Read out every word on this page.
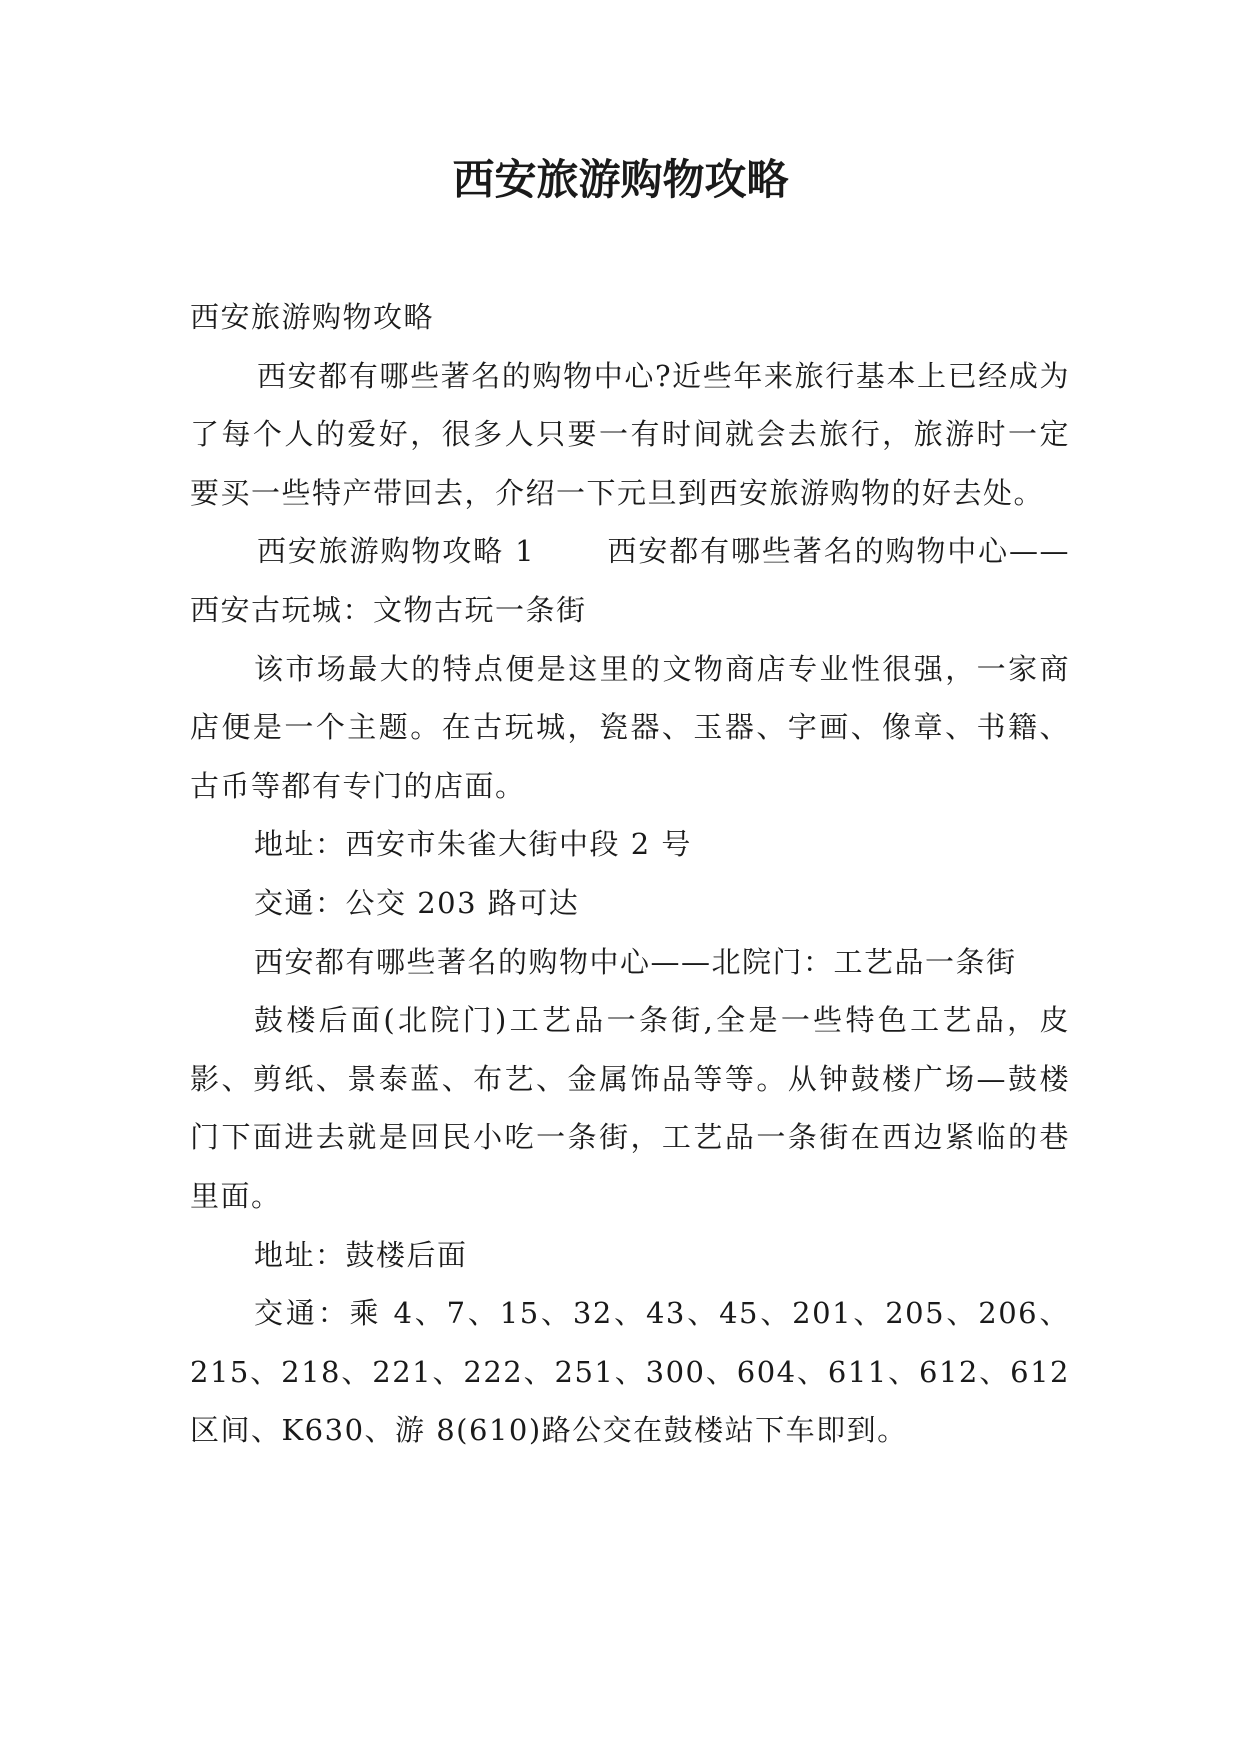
西安旅游购物攻略

西安旅游购物攻略

西安都有哪些著名的购物中心?近些年来旅行基本上已经成为了每个人的爱好，很多人只要一有时间就会去旅行，旅游时一定要买一些特产带回去，介绍一下元旦到西安旅游购物的好去处。

西安旅游购物攻略 1 西安都有哪些著名的购物中心——西安古玩城：文物古玩一条街

该市场最大的特点便是这里的文物商店专业性很强，一家商店便是一个主题。在古玩城，瓷器、玉器、字画、像章、书籍、古币等都有专门的店面。

地址：西安市朱雀大街中段 2 号

交通：公交 203 路可达

西安都有哪些著名的购物中心——北院门：工艺品一条街

鼓楼后面(北院门)工艺品一条街,全是一些特色工艺品，皮影、剪纸、景泰蓝、布艺、金属饰品等等。从钟鼓楼广场—鼓楼门下面进去就是回民小吃一条街，工艺品一条街在西边紧临的巷里面。

地址：鼓楼后面

交通：乘 4、7、15、32、43、45、201、205、206、215、218、221、222、251、300、604、611、612、612 区间、K630、游 8(610)路公交在鼓楼站下车即到。
